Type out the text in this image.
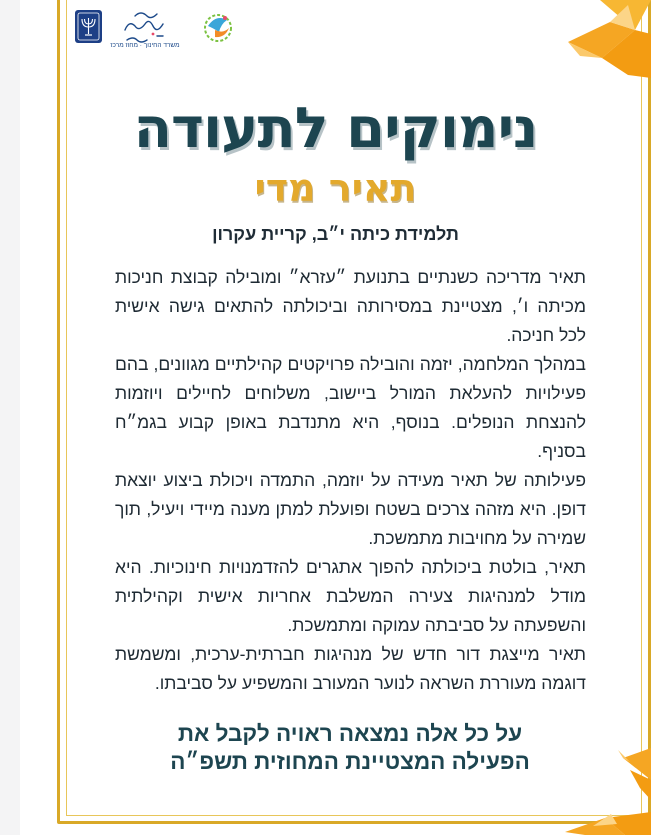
משרד החינוך · מחוז מרכז
נימוקים לתעודה
תאיר מדי
תלמידת כיתה י״ב, קריית עקרון

תאיר מדריכה כשנתיים בתנועת ״עזרא״ ומובילה קבוצת חניכות מכיתה ו׳, מצטיינת במסירותה וביכולתה להתאים גישה אישית לכל חניכה.

במהלך המלחמה, יזמה והובילה פרויקטים קהילתיים מגוונים, בהם פעילויות להעלאת המורל ביישוב, משלוחים לחיילים ויוזמות להנצחת הנופלים. בנוסף, היא מתנדבת באופן קבוע בגמ״ח בסניף.

פעילותה של תאיר מעידה על יוזמה, התמדה ויכולת ביצוע יוצאת דופן. היא מזהה צרכים בשטח ופועלת למתן מענה מיידי ויעיל, תוך שמירה על מחויבות מתמשכת.

תאיר, בולטת ביכולתה להפוך אתגרים להזדמנויות חינוכיות. היא מודל למנהיגות צעירה המשלבת אחריות אישית וקהילתית והשפעתה על סביבתה עמוקה ומתמשכת.

תאיר מייצגת דור חדש של מנהיגות חברתית-ערכית, ומשמשת דוגמה מעוררת השראה לנוער המעורב והמשפיע על סביבתו.

על כל אלה נמצאה ראויה לקבל את
הפעילה המצטיינת המחוזית תשפ״ה
